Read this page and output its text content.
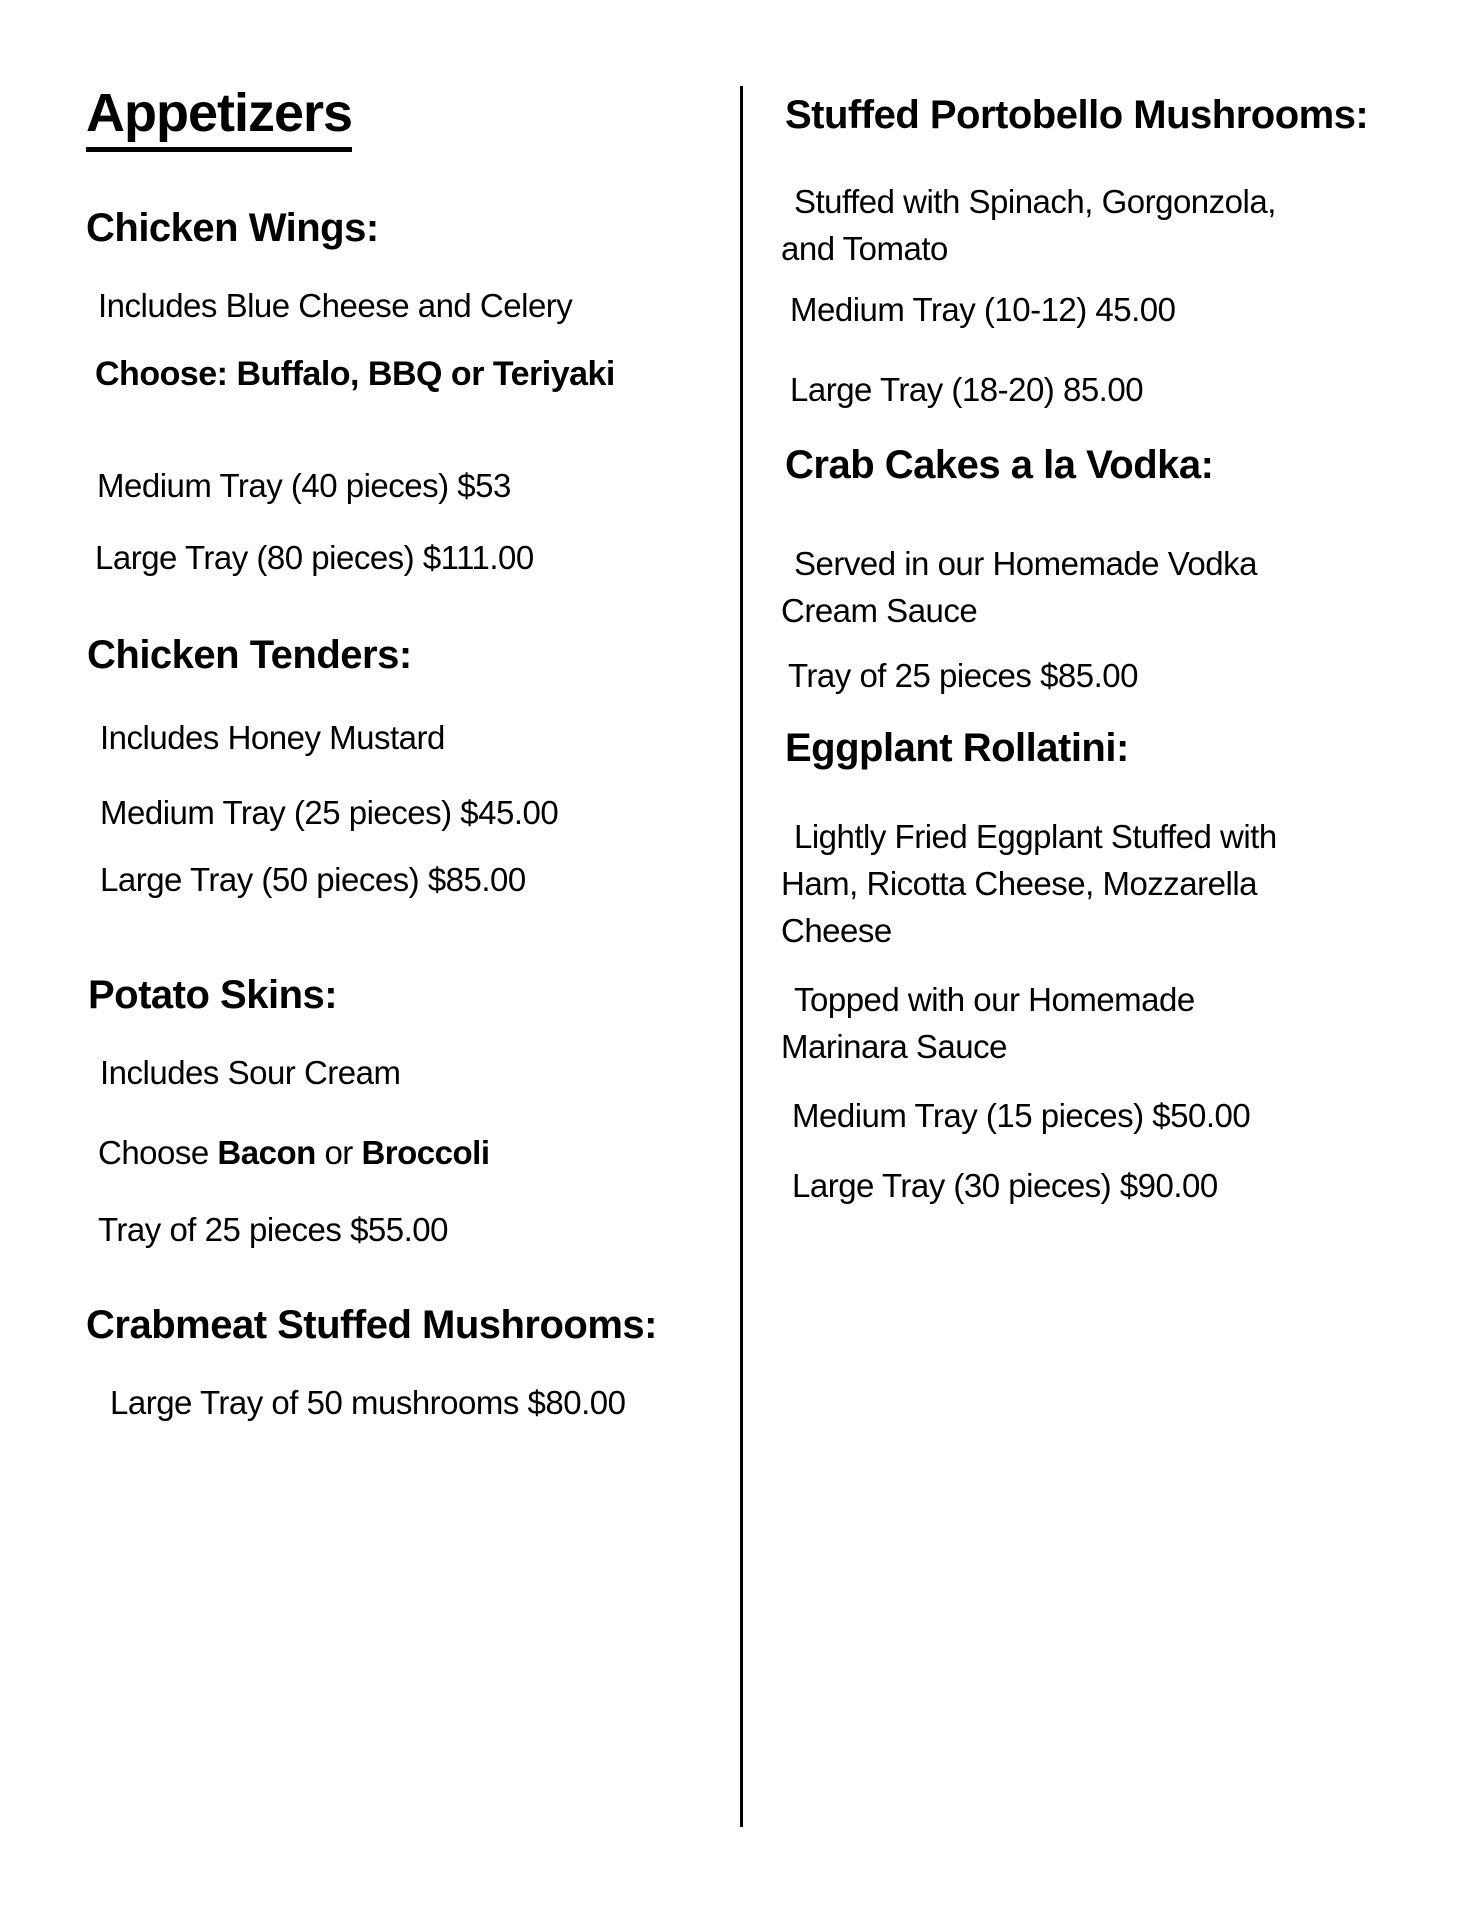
Appetizers
Chicken Wings:
Includes Blue Cheese and Celery
Choose: Buffalo, BBQ or Teriyaki
Medium Tray (40 pieces) $53
Large Tray (80 pieces) $111.00
Chicken Tenders:
Includes Honey Mustard
Medium Tray (25 pieces) $45.00
Large Tray (50 pieces) $85.00
Potato Skins:
Includes Sour Cream
Choose Bacon or Broccoli
Tray of 25 pieces $55.00
Crabmeat Stuffed Mushrooms:
Large Tray of 50 mushrooms $80.00
Stuffed Portobello Mushrooms:
Stuffed with Spinach, Gorgonzola,
and Tomato
Medium Tray (10-12) 45.00
Large Tray (18-20) 85.00
Crab Cakes a la Vodka:
Served in our Homemade Vodka
Cream Sauce
Tray of 25 pieces $85.00
Eggplant Rollatini:
Lightly Fried Eggplant Stuffed with
Ham, Ricotta Cheese, Mozzarella
Cheese
Topped with our Homemade
Marinara Sauce
Medium Tray (15 pieces) $50.00
Large Tray (30 pieces) $90.00
